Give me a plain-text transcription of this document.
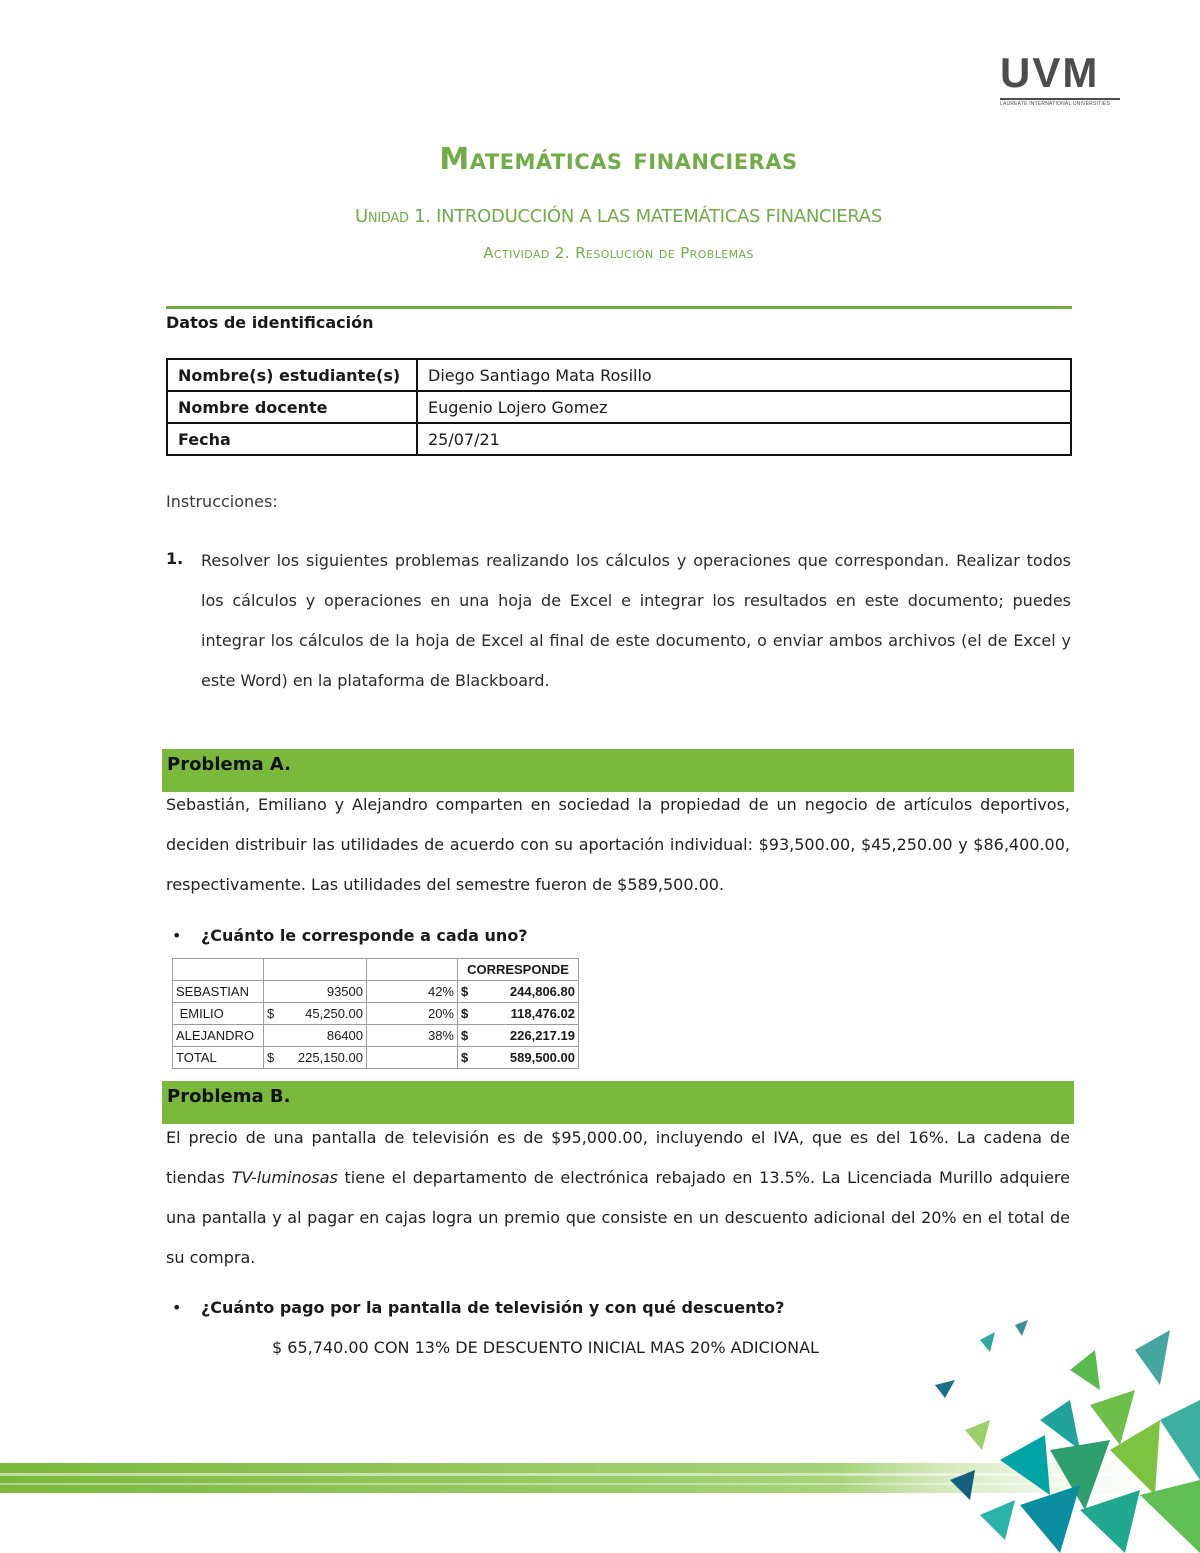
UVM
LAUREATE INTERNATIONAL UNIVERSITIES
Matemáticas financieras
Unidad 1. INTRODUCCIÓN A LAS MATEMÁTICAS FINANCIERAS
Actividad 2. Resolución de Problemas
Datos de identificación
Nombre(s) estudiante(s)	Diego Santiago Mata Rosillo
Nombre docente	Eugenio Lojero Gomez
Fecha	25/07/21
Instrucciones:
1. Resolver los siguientes problemas realizando los cálculos y operaciones que correspondan. Realizar todos los cálculos y operaciones en una hoja de Excel e integrar los resultados en este documento; puedes integrar los cálculos de la hoja de Excel al final de este documento, o enviar ambos archivos (el de Excel y este Word) en la plataforma de Blackboard.
Problema A.
Sebastián, Emiliano y Alejandro comparten en sociedad la propiedad de un negocio de artículos deportivos, deciden distribuir las utilidades de acuerdo con su aportación individual: $93,500.00, $45,250.00 y $86,400.00, respectivamente. Las utilidades del semestre fueron de $589,500.00.
• ¿Cuánto le corresponde a cada uno?
			CORRESPONDE
SEBASTIAN	93500	42%	$ 244,806.80

EMILIO	$ 45,250.00	20%	$ 118,476.02

ALEJANDRO	86400	38%	$ 226,217.19

TOTAL	$ 225,150.00		$ 589,500.00
Problema B.
El precio de una pantalla de televisión es de $95,000.00, incluyendo el IVA, que es del 16%. La cadena de tiendas TV-luminosas tiene el departamento de electrónica rebajado en 13.5%. La Licenciada Murillo adquiere una pantalla y al pagar en cajas logra un premio que consiste en un descuento adicional del 20% en el total de su compra.
• ¿Cuánto pago por la pantalla de televisión y con qué descuento?
$ 65,740.00 CON 13% DE DESCUENTO INICIAL MAS 20% ADICIONAL
